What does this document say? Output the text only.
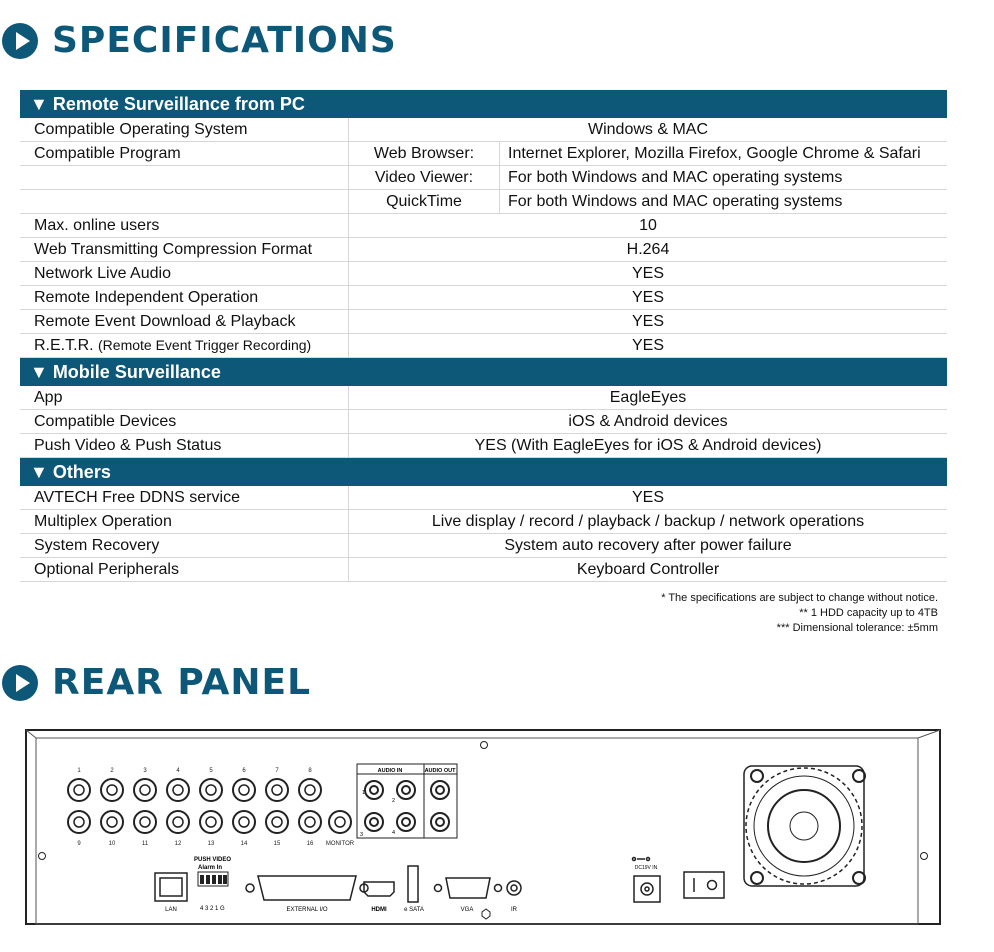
SPECIFICATIONS
▼ Remote Surveillance from PC		
Compatible Operating System	Windows & MAC	
Compatible Program	Web Browser:	Internet Explorer, Mozilla Firefox, Google Chrome & Safari
	Video Viewer:	For both Windows and MAC operating systems
	QuickTime	For both Windows and MAC operating systems
Max. online users	10	
Web Transmitting Compression Format	H.264	
Network Live Audio	YES	
Remote Independent Operation	YES	
Remote Event Download & Playback	YES	
R.E.T.R. (Remote Event Trigger Recording)	YES	
▼ Mobile Surveillance		
App	EagleEyes	
Compatible Devices	iOS & Android devices	
Push Video & Push Status	YES (With EagleEyes for iOS & Android devices)	
▼ Others		
AVTECH Free DDNS service	YES	
Multiplex Operation	Live display / record / playback / backup / network operations	
System Recovery	System auto recovery after power failure	
Optional Peripherals	Keyboard Controller	
* The specifications are subject to change without notice.
** 1 HDD capacity up to 4TB
*** Dimensional tolerance: ±5mm
REAR PANEL
1	2	3	4	5	6	7	8
9	10	11	12	13	14	15	16 MONITOR
AUDIO IN	AUDIO OUT
1
2
3	4
PUSH VIDEO
Alarm In
4 3 2 1 G
LAN	EXTERNAL I/O	HDMI	e SATA	VGA	IR
DC19V IN
